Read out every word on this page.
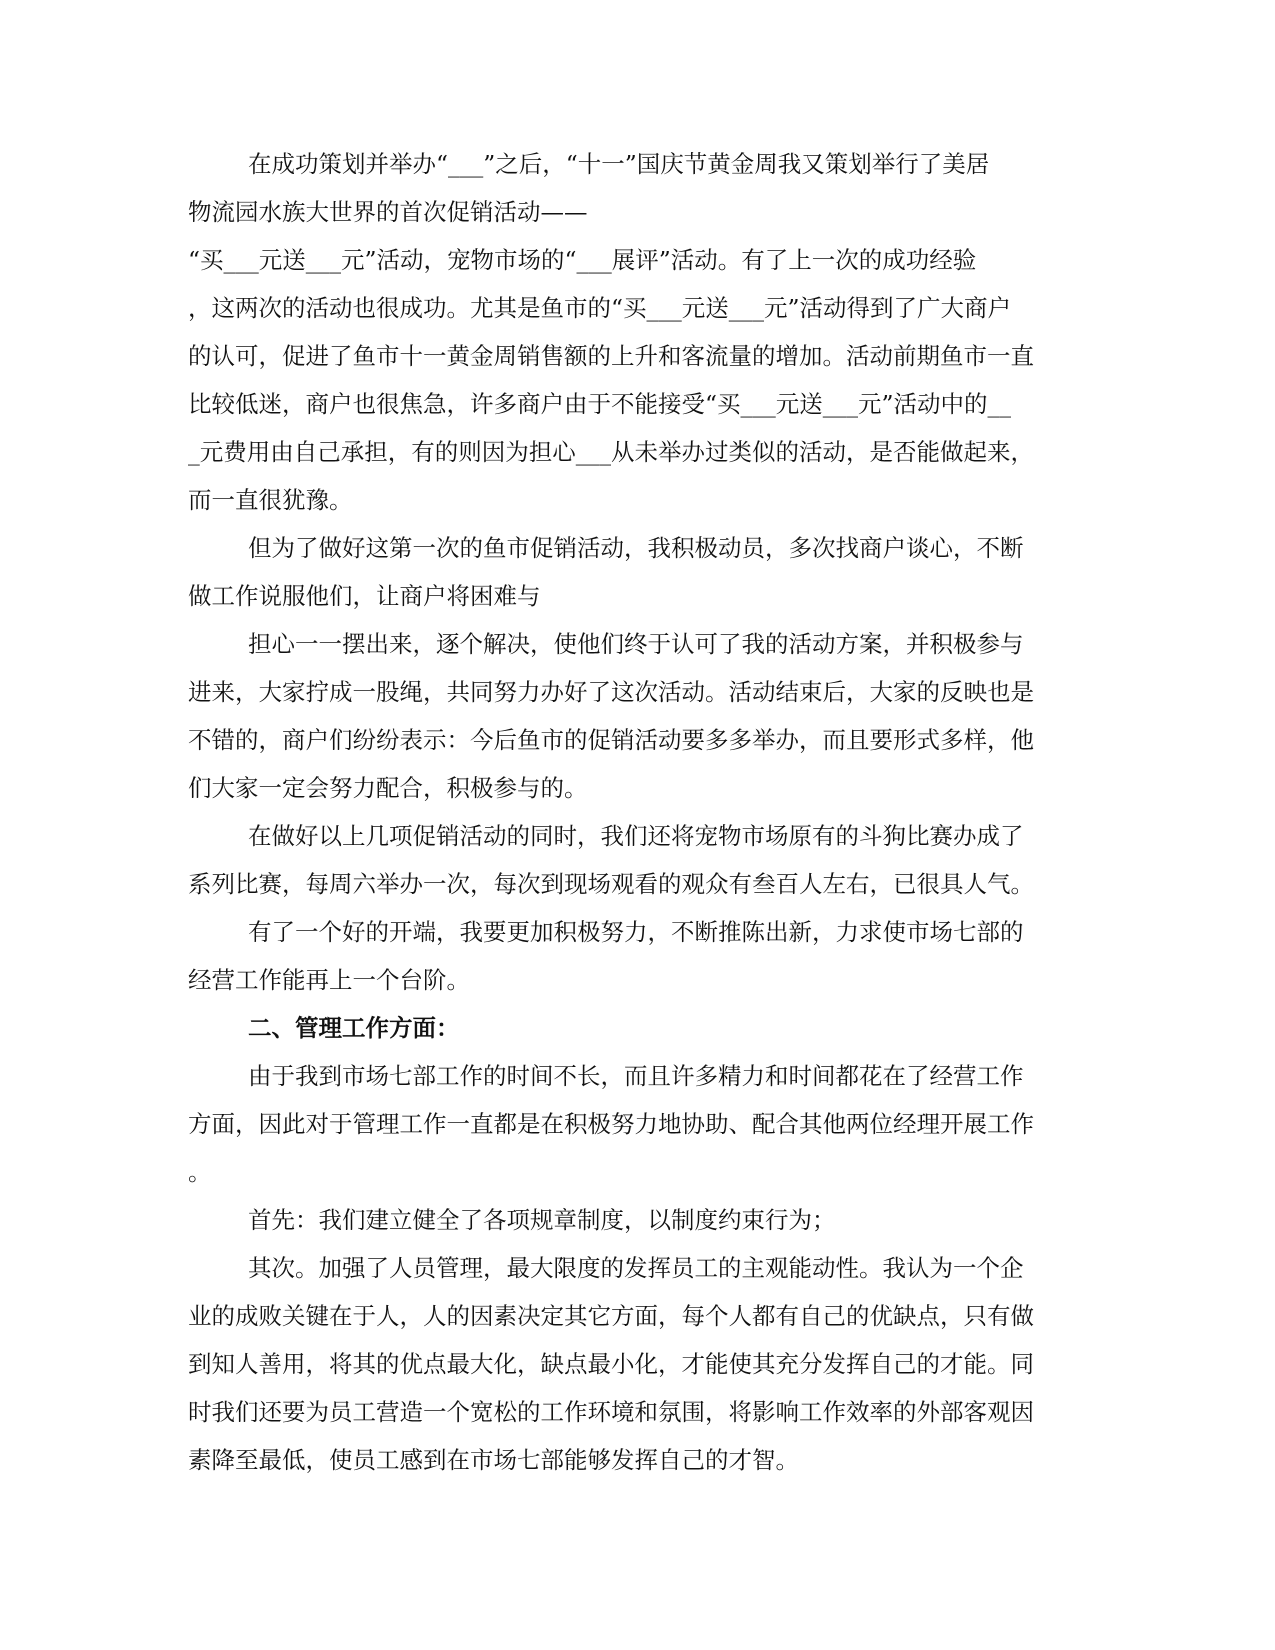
在成功策划并举办“___”之后，“十一”国庆节黄金周我又策划举行了美居
物流园水族大世界的首次促销活动——
“买___元送___元”活动，宠物市场的“___展评”活动。有了上一次的成功经验
，这两次的活动也很成功。尤其是鱼市的“买___元送___元”活动得到了广大商户
的认可，促进了鱼市十一黄金周销售额的上升和客流量的增加。活动前期鱼市一直
比较低迷，商户也很焦急，许多商户由于不能接受“买___元送___元”活动中的__
_元费用由自己承担，有的则因为担心___从未举办过类似的活动，是否能做起来，
而一直很犹豫。
但为了做好这第一次的鱼市促销活动，我积极动员，多次找商户谈心，不断
做工作说服他们，让商户将困难与
担心一一摆出来，逐个解决，使他们终于认可了我的活动方案，并积极参与
进来，大家拧成一股绳，共同努力办好了这次活动。活动结束后，大家的反映也是
不错的，商户们纷纷表示：今后鱼市的促销活动要多多举办，而且要形式多样，他
们大家一定会努力配合，积极参与的。
在做好以上几项促销活动的同时，我们还将宠物市场原有的斗狗比赛办成了
系列比赛，每周六举办一次，每次到现场观看的观众有叁百人左右，已很具人气。
有了一个好的开端，我要更加积极努力，不断推陈出新，力求使市场七部的
经营工作能再上一个台阶。
二、管理工作方面：
由于我到市场七部工作的时间不长，而且许多精力和时间都花在了经营工作
方面，因此对于管理工作一直都是在积极努力地协助、配合其他两位经理开展工作
。
首先：我们建立健全了各项规章制度，以制度约束行为；
其次。加强了人员管理，最大限度的发挥员工的主观能动性。我认为一个企
业的成败关键在于人，人的因素决定其它方面，每个人都有自己的优缺点，只有做
到知人善用，将其的优点最大化，缺点最小化，才能使其充分发挥自己的才能。同
时我们还要为员工营造一个宽松的工作环境和氛围，将影响工作效率的外部客观因
素降至最低，使员工感到在市场七部能够发挥自己的才智。
